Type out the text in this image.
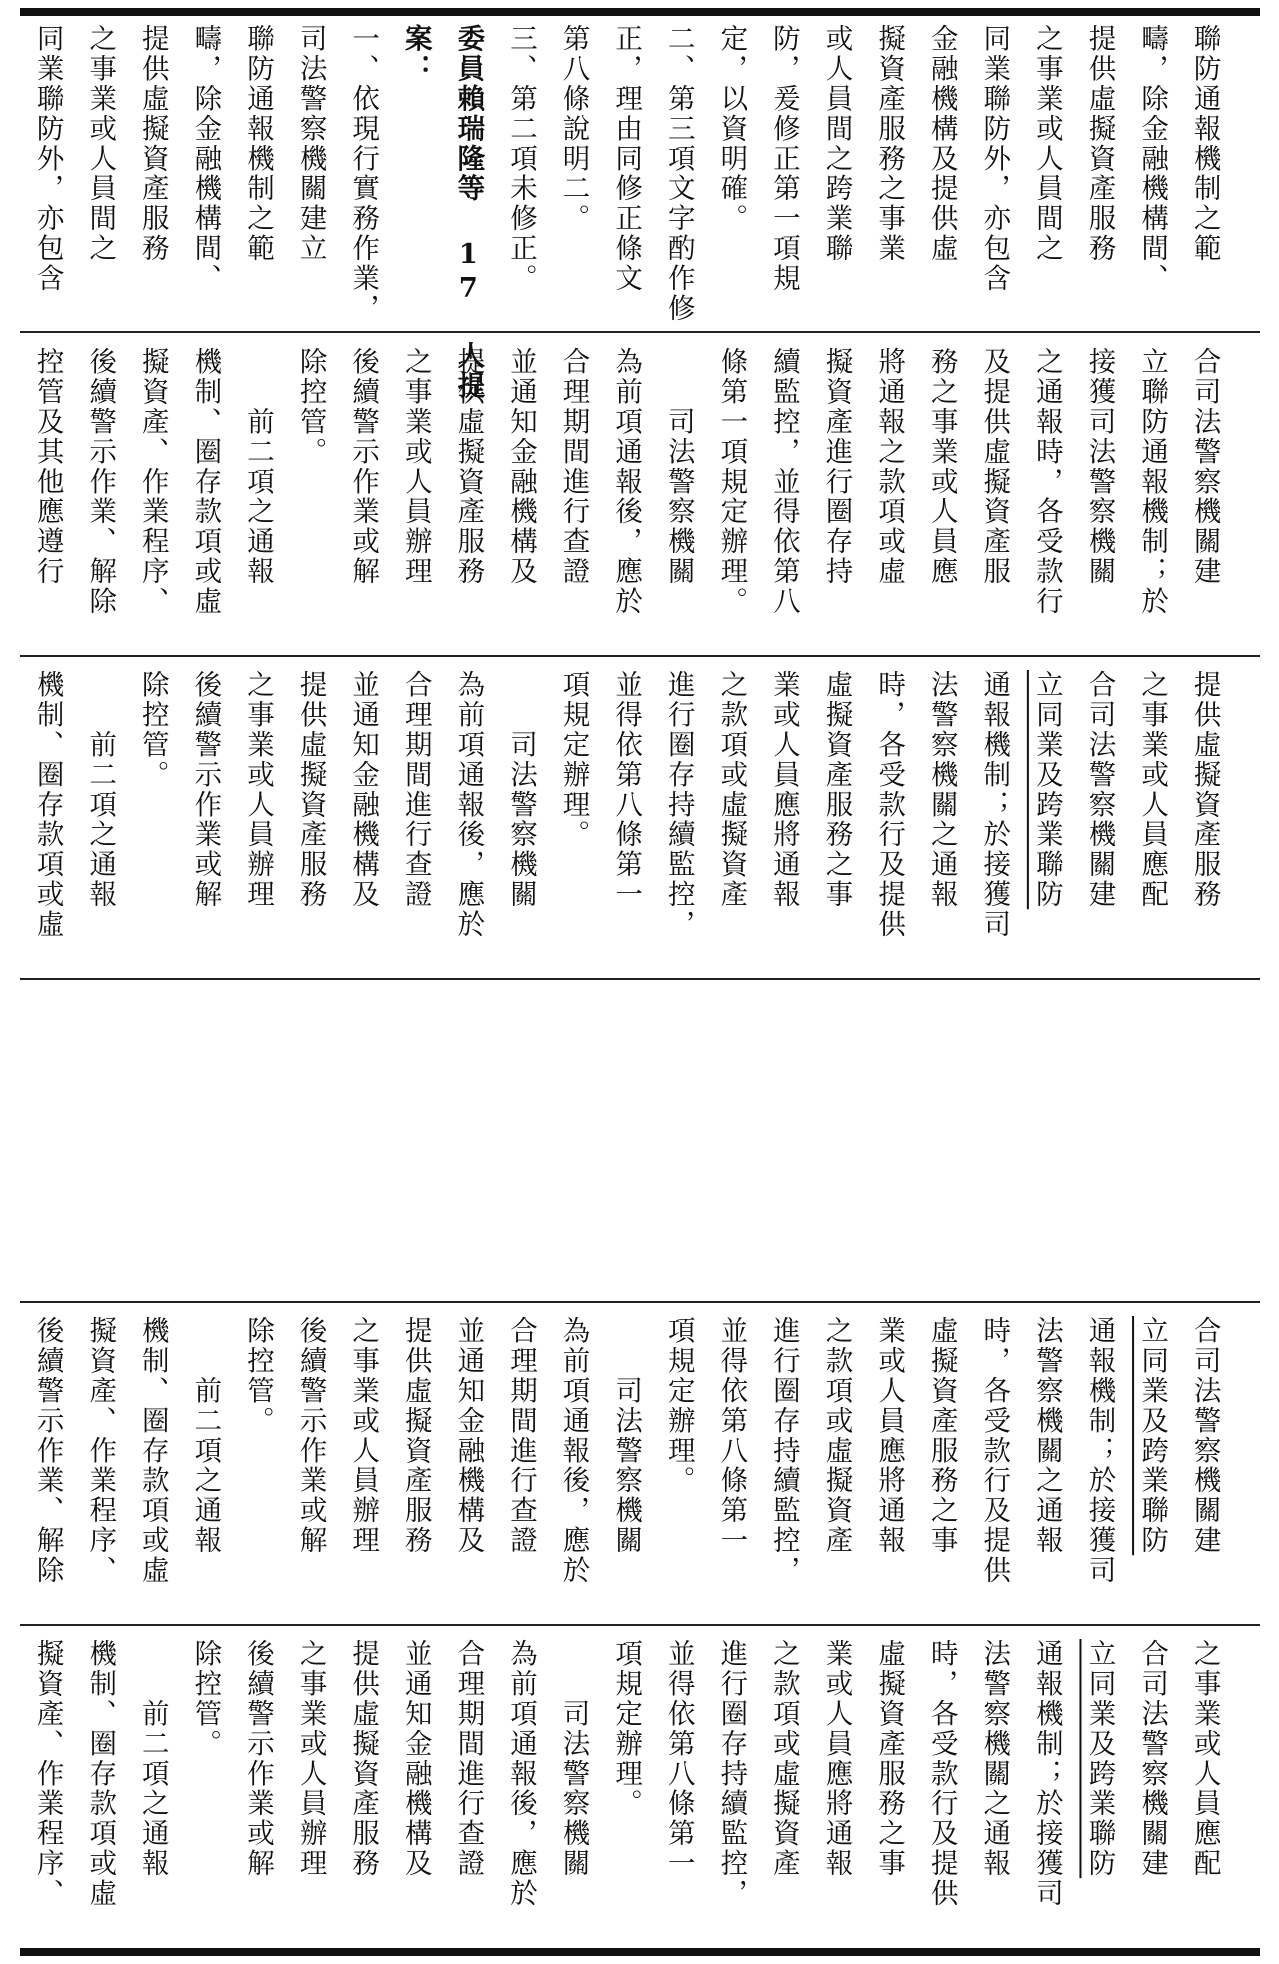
聯防通報機制之範
疇，除金融機構間、
提供虛擬資產服務
之事業或人員間之
同業聯防外，亦包含
金融機構及提供虛
擬資產服務之事業
或人員間之跨業聯
防，爰修正第一項規
定，以資明確。
二、第三項文字酌作修
正，理由同修正條文
第八條說明二。
三、第二項未修正。
委員賴瑞隆等 17 人提
案：
一、依現行實務作業，
司法警察機關建立
聯防通報機制之範
疇，除金融機構間、
提供虛擬資產服務
之事業或人員間之
同業聯防外，亦包含
合司法警察機關建
立聯防通報機制；於
接獲司法警察機關
之通報時，各受款行
及提供虛擬資產服
務之事業或人員應
將通報之款項或虛
擬資產進行圈存持
續監控，並得依第八
條第一項規定辦理。
　　司法警察機關
為前項通報後，應於
合理期間進行查證
並通知金融機構及
提供虛擬資產服務
之事業或人員辦理
後續警示作業或解
除控管。
　　前二項之通報
機制、圈存款項或虛
擬資產、作業程序、
後續警示作業、解除
控管及其他應遵行
提供虛擬資產服務
之事業或人員應配
合司法警察機關建
立同業及跨業聯防
通報機制；於接獲司
法警察機關之通報
時，各受款行及提供
虛擬資產服務之事
業或人員應將通報
之款項或虛擬資產
進行圈存持續監控，
並得依第八條第一
項規定辦理。
　　司法警察機關
為前項通報後，應於
合理期間進行查證
並通知金融機構及
提供虛擬資產服務
之事業或人員辦理
後續警示作業或解
除控管。
　　前二項之通報
機制、圈存款項或虛
合司法警察機關建
立同業及跨業聯防
通報機制；於接獲司
法警察機關之通報
時，各受款行及提供
虛擬資產服務之事
業或人員應將通報
之款項或虛擬資產
進行圈存持續監控，
並得依第八條第一
項規定辦理。
　　司法警察機關
為前項通報後，應於
合理期間進行查證
並通知金融機構及
提供虛擬資產服務
之事業或人員辦理
後續警示作業或解
除控管。
　　前二項之通報
機制、圈存款項或虛
擬資產、作業程序、
後續警示作業、解除
之事業或人員應配
合司法警察機關建
立同業及跨業聯防
通報機制；於接獲司
法警察機關之通報
時，各受款行及提供
虛擬資產服務之事
業或人員應將通報
之款項或虛擬資產
進行圈存持續監控，
並得依第八條第一
項規定辦理。
　　司法警察機關
為前項通報後，應於
合理期間進行查證
並通知金融機構及
提供虛擬資產服務
之事業或人員辦理
後續警示作業或解
除控管。
　　前二項之通報
機制、圈存款項或虛
擬資產、作業程序、
